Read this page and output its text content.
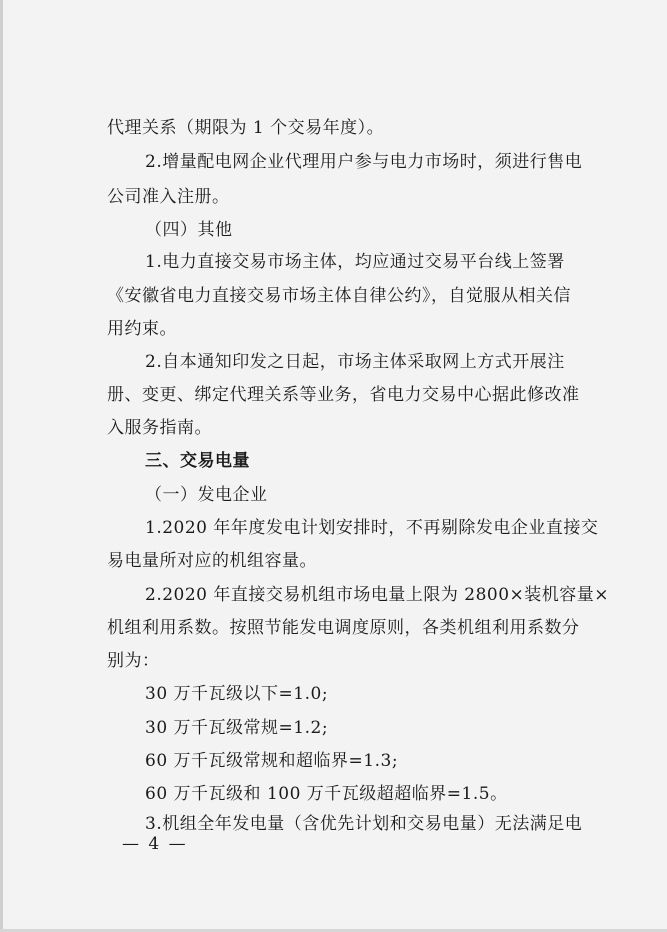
代理关系（期限为 1 个交易年度）。
2.增量配电网企业代理用户参与电力市场时，须进行售电
公司准入注册。
（四）其他
1.电力直接交易市场主体，均应通过交易平台线上签署
《安徽省电力直接交易市场主体自律公约》，自觉服从相关信
用约束。
2.自本通知印发之日起，市场主体采取网上方式开展注
册、变更、绑定代理关系等业务，省电力交易中心据此修改准
入服务指南。
三、交易电量
（一）发电企业
1.2020 年年度发电计划安排时，不再剔除发电企业直接交
易电量所对应的机组容量。
2.2020 年直接交易机组市场电量上限为 2800×装机容量×
机组利用系数。按照节能发电调度原则，各类机组利用系数分
别为：
30 万千瓦级以下=1.0;
30 万千瓦级常规=1.2;
60 万千瓦级常规和超临界=1.3;
60 万千瓦级和 100 万千瓦级超超临界=1.5。
3.机组全年发电量（含优先计划和交易电量）无法满足电
— 4 —
